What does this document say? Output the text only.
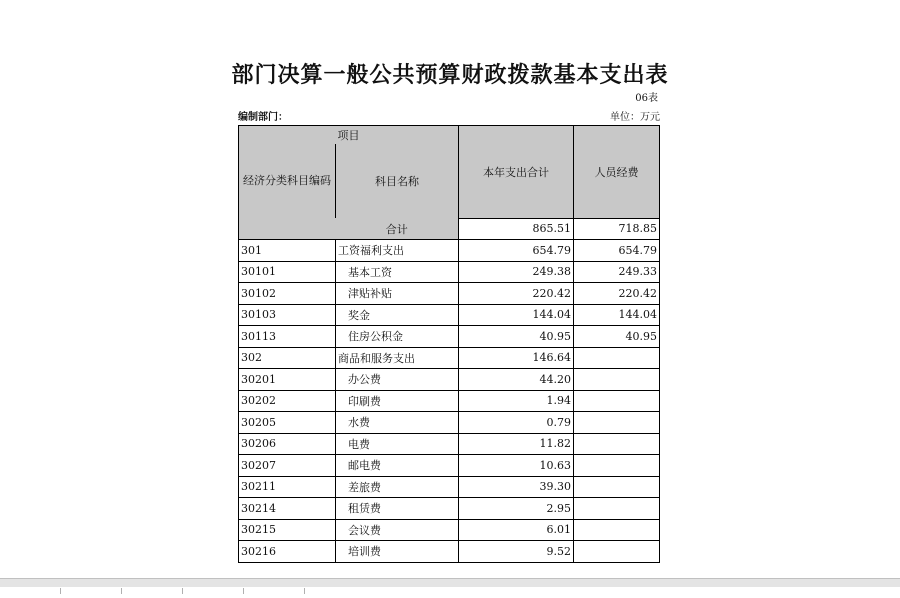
部门决算一般公共预算财政拨款基本支出表
06表
编制部门：	单位：万元
项目		本年支出合计	人员经费
经济分类科目编码	科目名称		
	合计	865.51	718.85
301	工资福利支出	654.79	654.79
30101	基本工资	249.38	249.33
30102	津贴补贴	220.42	220.42
30103	奖金	144.04	144.04
30113	住房公积金	40.95	40.95
302	商品和服务支出	146.64	
30201	办公费	44.20	
30202	印刷费	1.94	
30205	水费	0.79	
30206	电费	11.82	
30207	邮电费	10.63	
30211	差旅费	39.30	
30214	租赁费	2.95	
30215	会议费	6.01	
30216	培训费	9.52	
